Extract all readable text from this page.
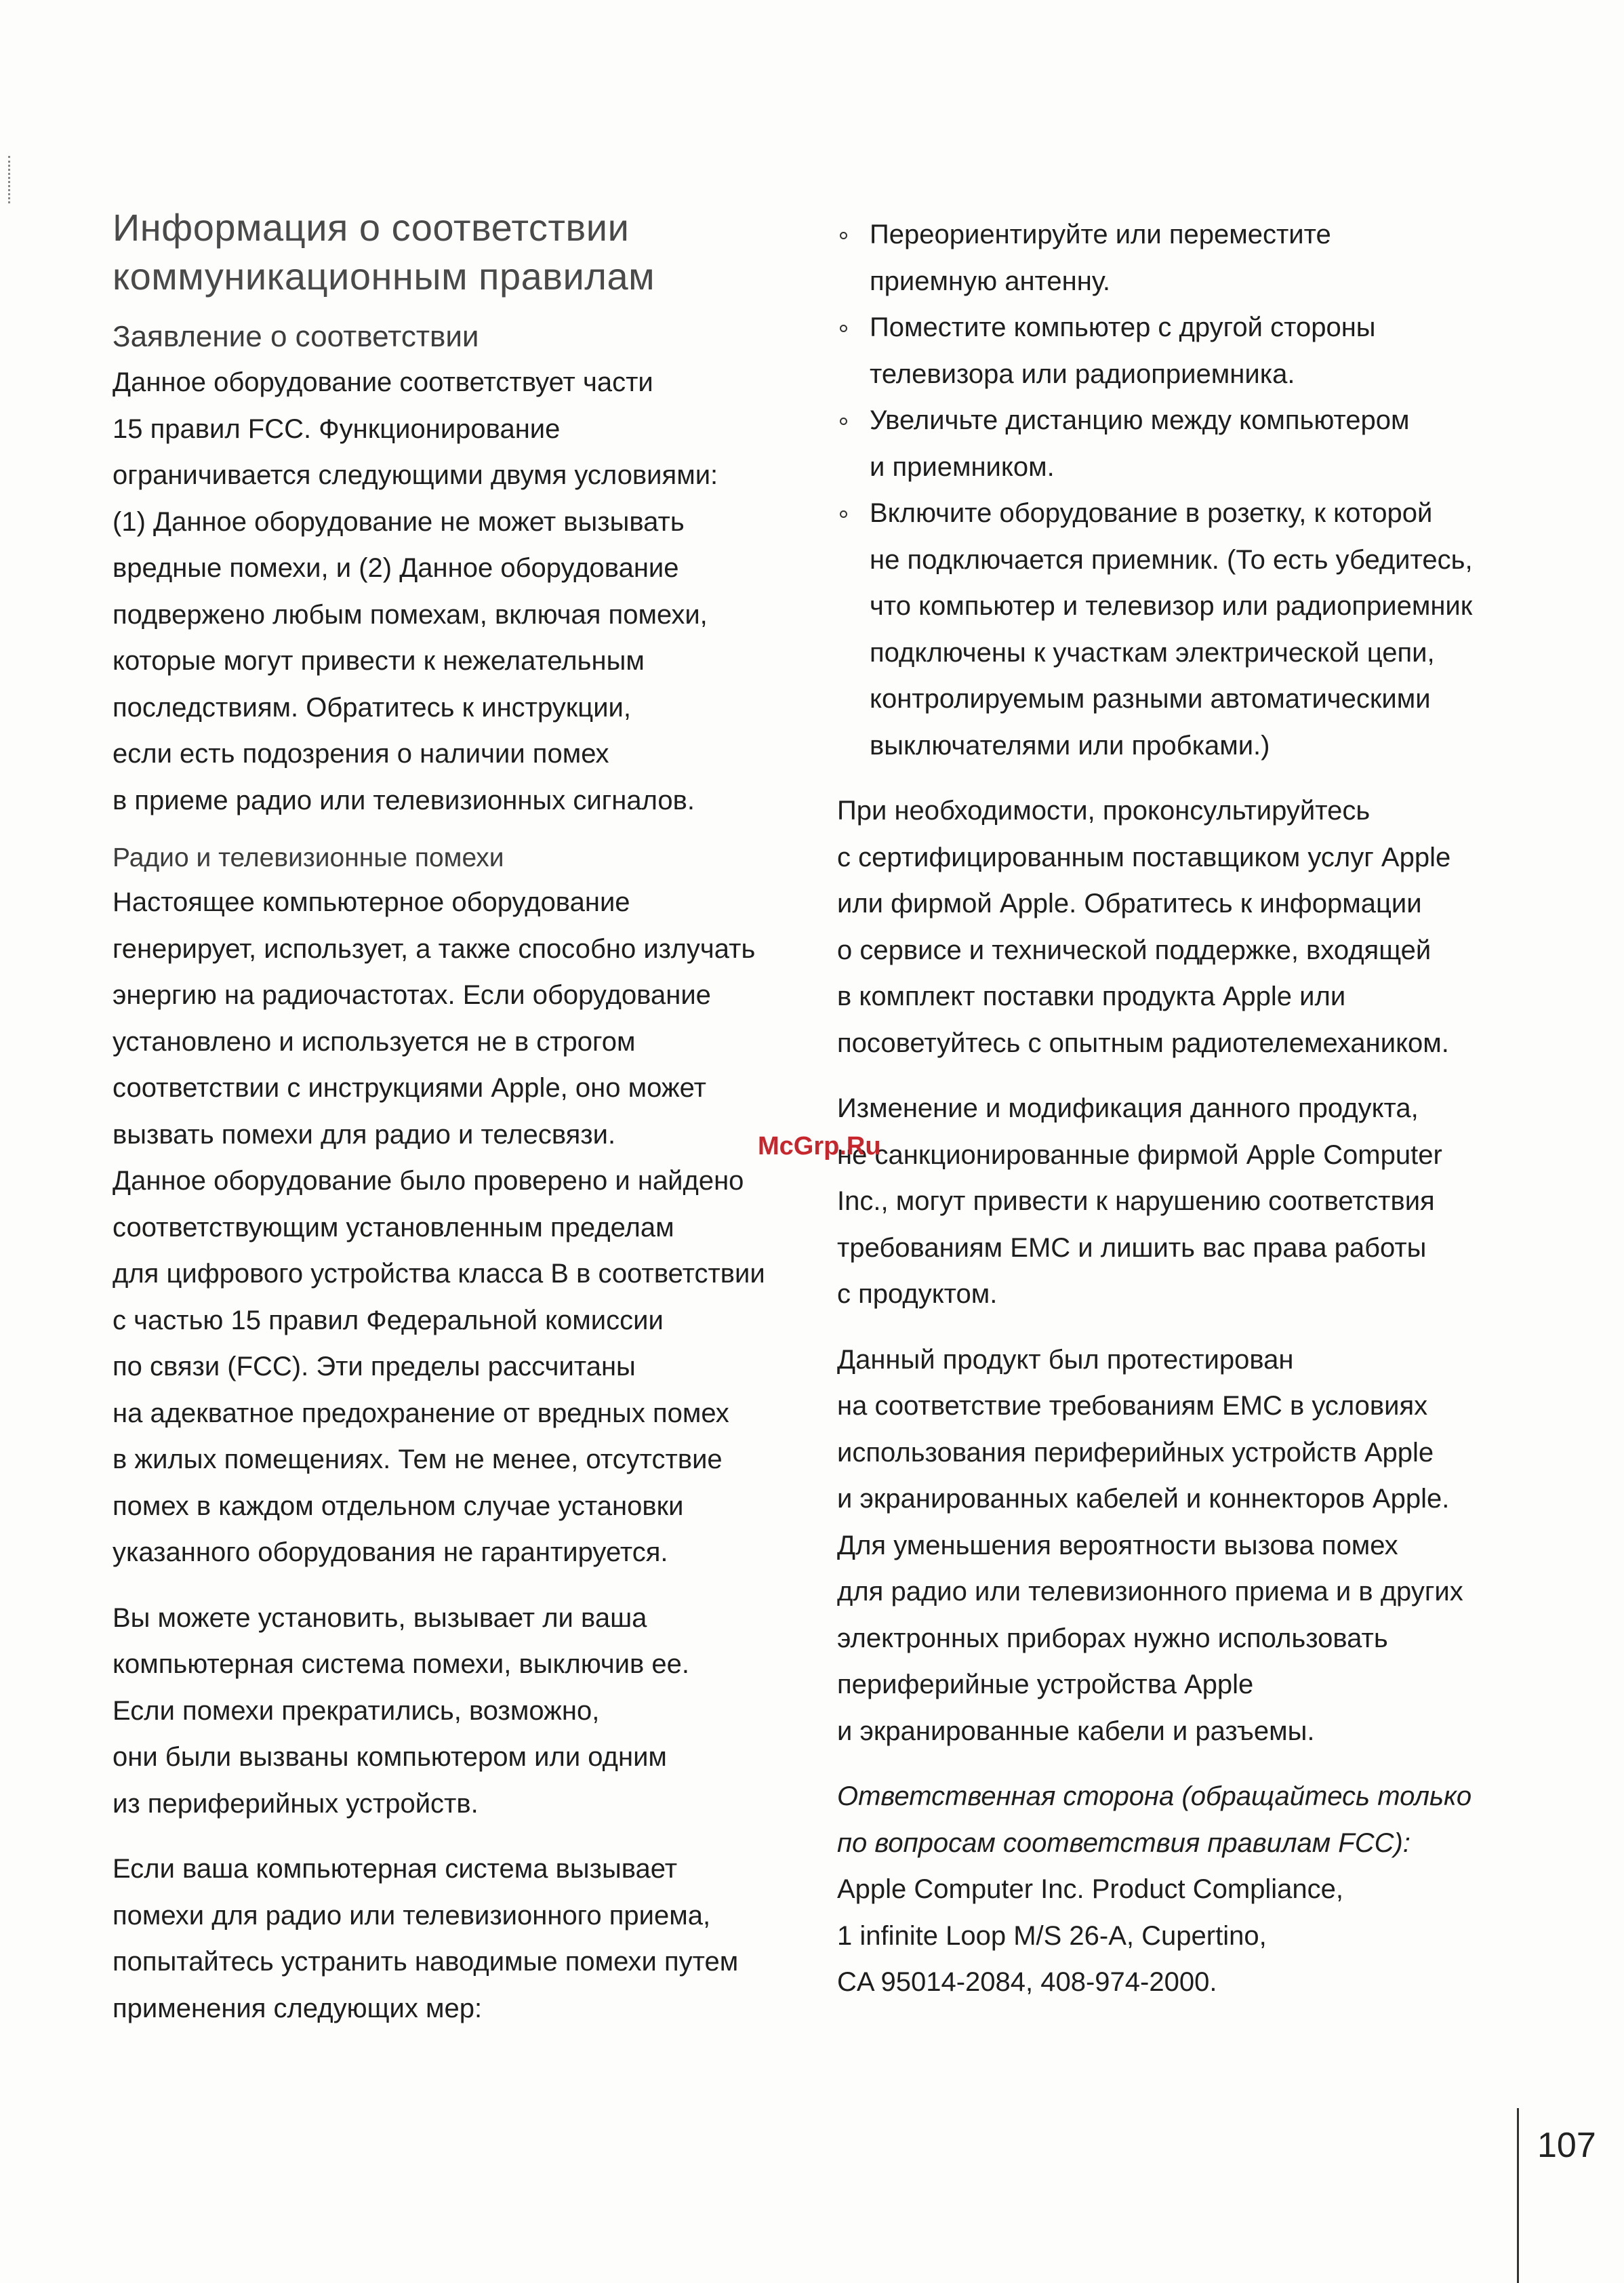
Информация о соответствии
коммуникационным правилам
Заявление о соответствии
Данное оборудование соответствует части
15 правил FCC. Функционирование
ограничивается следующими двумя условиями:
(1) Данное оборудование не может вызывать
вредные помехи, и (2) Данное оборудование
подвержено любым помехам, включая помехи,
которые могут привести к нежелательным
последствиям. Обратитесь к инструкции,
если есть подозрения о наличии помех
в приеме радио или телевизионных сигналов.
Радио и телевизионные помехи
Настоящее компьютерное оборудование
генерирует, использует, а также способно излучать
энергию на радиочастотах. Если оборудование
установлено и используется не в строгом
соответствии с инструкциями Apple, оно может
вызвать помехи для радио и телесвязи.
Данное оборудование было проверено и найдено
соответствующим установленным пределам
для цифрового устройства класса В в соответствии
с частью 15 правил Федеральной комиссии
по связи (FCC). Эти пределы рассчитаны
на адекватное предохранение от вредных помех
в жилых помещениях. Тем не менее, отсутствие
помех в каждом отдельном случае установки
указанного оборудования не гарантируется.
Вы можете установить, вызывает ли ваша
компьютерная система помехи, выключив ее.
Если помехи прекратились, возможно,
они были вызваны компьютером или одним
из периферийных устройств.
Если ваша компьютерная система вызывает
помехи для радио или телевизионного приема,
попытайтесь устранить наводимые помехи путем
применения следующих мер:
Переориентируйте или переместите
приемную антенну.
Поместите компьютер с другой стороны
телевизора или радиоприемника.
Увеличьте дистанцию между компьютером
и приемником.
Включите оборудование в розетку, к которой
не подключается приемник. (То есть убедитесь,
что компьютер и телевизор или радиоприемник
подключены к участкам электрической цепи,
контролируемым разными автоматическими
выключателями или пробками.)
При необходимости, проконсультируйтесь
с сертифицированным поставщиком услуг Apple
или фирмой Apple. Обратитесь к информации
о сервисе и технической поддержке, входящей
в комплект поставки продукта Apple или
посоветуйтесь с опытным радиотелемехаником.
Изменение и модификация данного продукта,
не санкционированные фирмой Apple Computer
Inc., могут привести к нарушению соответствия
требованиям EMC и лишить вас права работы
с продуктом.
Данный продукт был протестирован
на соответствие требованиям EMC в условиях
использования периферийных устройств Apple
и экранированных кабелей и коннекторов Apple.
Для уменьшения вероятности вызова помех
для радио или телевизионного приема и в других
электронных приборах нужно использовать
периферийные устройства Apple
и экранированные кабели и разъемы.
Ответственная сторона (обращайтесь только
по вопросам соответствия правилам FCC):
Apple Computer Inc. Product Compliance,
1 infinite Loop M/S 26-A, Cupertino,
CA 95014-2084, 408-974-2000.
McGrp.Ru
107
